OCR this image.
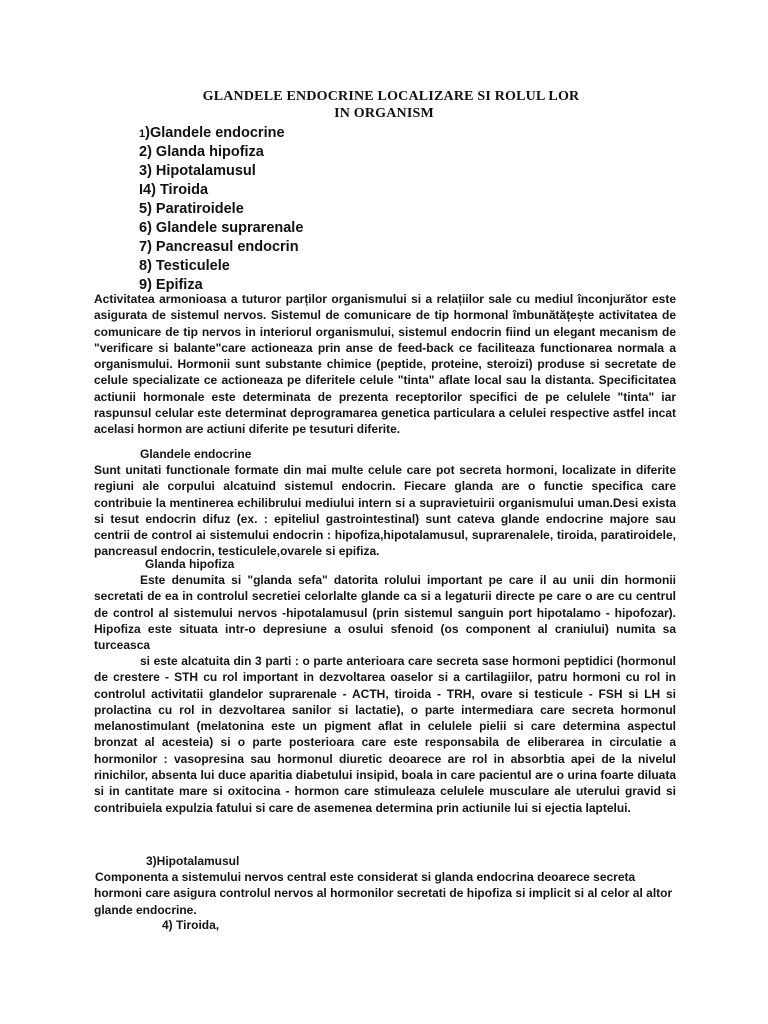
GLANDELE ENDOCRINE LOCALIZARE SI ROLUL LOR
IN ORGANISM
1)Glandele endocrine
2) Glanda hipofiza
3) Hipotalamusul
I4) Tiroida
5) Paratiroidele
6) Glandele suprarenale
7) Pancreasul endocrin
8) Testiculele
9) Epifiza
Activitatea armonioasa a tuturor parților organismului si a relațiilor sale cu mediul înconjurător este asigurata de sistemul nervos. Sistemul de comunicare de tip hormonal îmbunătățește activitatea de comunicare de tip nervos in interiorul organismului, sistemul endocrin fiind un elegant mecanism de "verificare si balante"care actioneaza prin anse de feed-back ce faciliteaza functionarea normala a organismului. Hormonii sunt substante chimice (peptide, proteine, steroizi) produse si secretate de celule specializate ce actioneaza pe diferitele celule "tinta" aflate local sau la distanta. Specificitatea actiunii hormonale este determinata de prezenta receptorilor specifici de pe celulele "tinta" iar raspunsul celular este determinat deprogramarea genetica particulara a celulei respective astfel incat acelasi hormon are actiuni diferite pe tesuturi diferite.
Glandele endocrine
Sunt unitati functionale formate din mai multe celule care pot secreta hormoni, localizate in diferite regiuni ale corpului alcatuind sistemul endocrin. Fiecare glanda are o functie specifica care contribuie la mentinerea echilibrului mediului intern si a supravietuirii organismului uman.Desi exista si tesut endocrin difuz (ex. : epiteliul gastrointestinal) sunt cateva glande endocrine majore sau centrii de control ai sistemului endocrin : hipofiza,hipotalamusul, suprarenalele, tiroida, paratiroidele, pancreasul endocrin, testiculele,ovarele si epifiza.
Glanda hipofiza
Este denumita si "glanda sefa" datorita rolului important pe care il au unii din hormonii secretati de ea in controlul secretiei celorlalte glande ca si a legaturii directe pe care o are cu centrul de control al sistemului nervos -hipotalamusul (prin sistemul sanguin port hipotalamo - hipofozar). Hipofiza este situata intr-o depresiune a osului sfenoid (os component al craniului) numita sa turceasca
si este alcatuita din 3 parti : o parte anterioara care secreta sase hormoni peptidici (hormonul de crestere - STH cu rol important in dezvoltarea oaselor si a cartilagiilor, patru hormoni cu rol in controlul activitatii glandelor suprarenale - ACTH, tiroida - TRH, ovare si testicule - FSH si LH si prolactina cu rol in dezvoltarea sanilor si lactatie), o parte intermediara care secreta hormonul melanostimulant (melatonina este un pigment aflat in celulele pielii si care determina aspectul bronzat al acesteia) si o parte posterioara care este responsabila de eliberarea in circulatie a hormonilor : vasopresina sau hormonul diuretic deoarece are rol in absorbtia apei de la nivelul rinichilor, absenta lui duce aparitia diabetului insipid, boala in care pacientul are o urina foarte diluata si in cantitate mare si oxitocina - hormon care stimuleaza celulele musculare ale uterului gravid si contribuiela expulzia fatului si care de asemenea determina prin actiunile lui si ejectia laptelui.
3)Hipotalamusul
Componenta a sistemului nervos central este considerat si glanda endocrina deoarece secreta hormoni care asigura controlul nervos al hormonilor secretati de hipofiza si implicit si al celor al altor glande endocrine.
4) Tiroida,
